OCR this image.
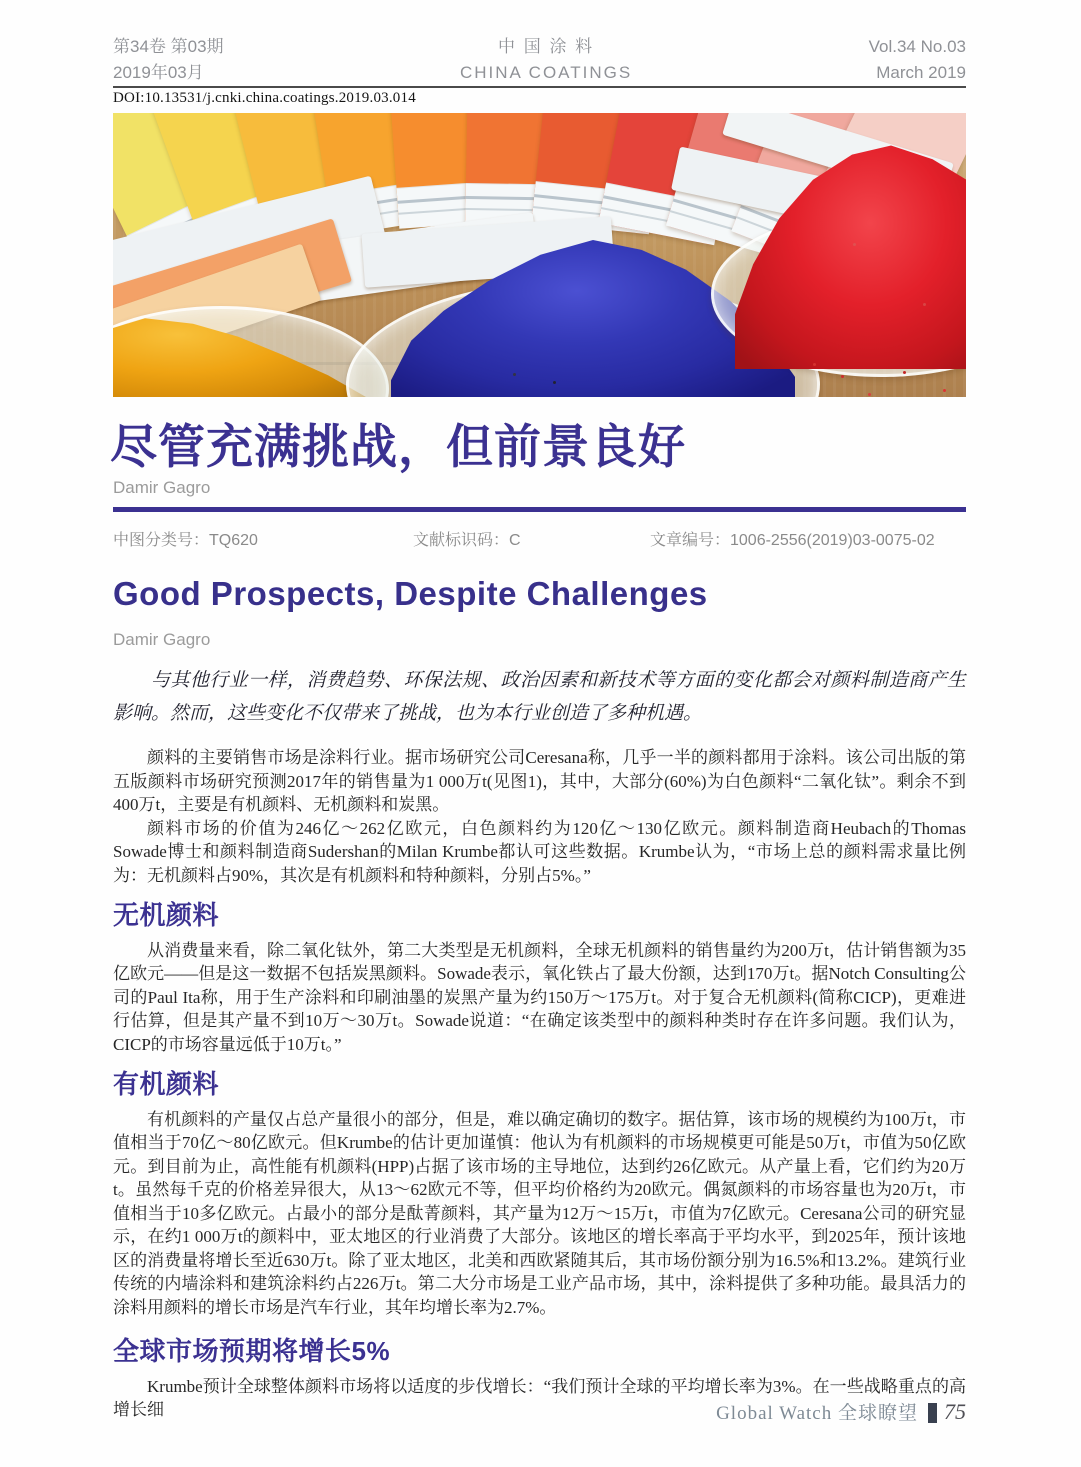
第34卷 第03期
2019年03月
中 国 涂 料
CHINA COATINGS
Vol.34 No.03
March 2019
DOI:10.13531/j.cnki.china.coatings.2019.03.014
尽管充满挑战，但前景良好
Damir Gagro
中图分类号：TQ620	文献标识码：C	文章编号：1006-2556(2019)03-0075-02
Good Prospects, Despite Challenges
Damir Gagro

与其他行业一样，消费趋势、环保法规、政治因素和新技术等方面的变化都会对颜料制造商产生影响。然而，这些变化不仅带来了挑战，也为本行业创造了多种机遇。

颜料的主要销售市场是涂料行业。据市场研究公司Ceresana称，几乎一半的颜料都用于涂料。该公司出版的第五版颜料市场研究预测2017年的销售量为1 000万t(见图1)，其中，大部分(60%)为白色颜料“二氧化钛”。剩余不到400万t，主要是有机颜料、无机颜料和炭黑。

颜料市场的价值为246亿～262亿欧元，白色颜料约为120亿～130亿欧元。颜料制造商Heubach的Thomas Sowade博士和颜料制造商Sudershan的Milan Krumbe都认可这些数据。Krumbe认为，“市场上总的颜料需求量比例为：无机颜料占90%，其次是有机颜料和特种颜料，分别占5%。”

无机颜料

从消费量来看，除二氧化钛外，第二大类型是无机颜料，全球无机颜料的销售量约为200万t，估计销售额为35亿欧元——但是这一数据不包括炭黑颜料。Sowade表示，氧化铁占了最大份额，达到170万t。据Notch Consulting公司的Paul Ita称，用于生产涂料和印刷油墨的炭黑产量为约150万～175万t。对于复合无机颜料(简称CICP)，更难进行估算，但是其产量不到10万～30万t。Sowade说道：“在确定该类型中的颜料种类时存在许多问题。我们认为，CICP的市场容量远低于10万t。”

有机颜料

有机颜料的产量仅占总产量很小的部分，但是，难以确定确切的数字。据估算，该市场的规模约为100万t，市值相当于70亿～80亿欧元。但Krumbe的估计更加谨慎：他认为有机颜料的市场规模更可能是50万t，市值为50亿欧元。到目前为止，高性能有机颜料(HPP)占据了该市场的主导地位，达到约26亿欧元。从产量上看，它们约为20万t。虽然每千克的价格差异很大，从13～62欧元不等，但平均价格约为20欧元。偶氮颜料的市场容量也为20万t，市值相当于10多亿欧元。占最小的部分是酞菁颜料，其产量为12万～15万t，市值为7亿欧元。Ceresana公司的研究显示，在约1 000万t的颜料中，亚太地区的行业消费了大部分。该地区的增长率高于平均水平，到2025年，预计该地区的消费量将增长至近630万t。除了亚太地区，北美和西欧紧随其后，其市场份额分别为16.5%和13.2%。建筑行业传统的内墙涂料和建筑涂料约占226万t。第二大分市场是工业产品市场，其中，涂料提供了多种功能。最具活力的涂料用颜料的增长市场是汽车行业，其年均增长率为2.7%。

全球市场预期将增长5%

Krumbe预计全球整体颜料市场将以适度的步伐增长：“我们预计全球的平均增长率为3%。在一些战略重点的高增长细	Global Watch 全球瞭望 75
